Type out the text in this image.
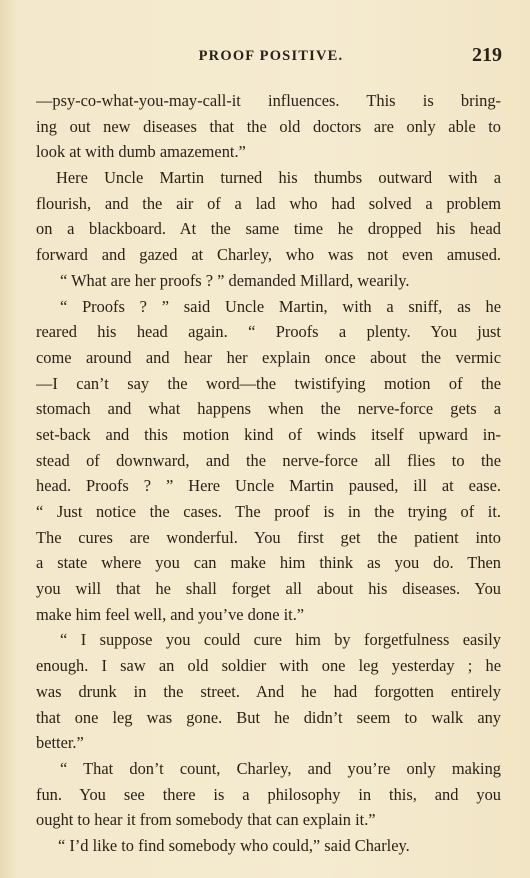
PROOF POSITIVE.	219
—psy-co-what-you-may-call-it influences. This is bring-
ing out new diseases that the old doctors are only able to
look at with dumb amazement.”
Here Uncle Martin turned his thumbs outward with a
flourish, and the air of a lad who had solved a problem
on a blackboard. At the same time he dropped his head
forward and gazed at Charley, who was not even amused.
“ What are her proofs ? ” demanded Millard, wearily.
“ Proofs ? ” said Uncle Martin, with a sniff, as he
reared his head again. “ Proofs a plenty. You just
come around and hear her explain once about the vermic
—I can’t say the word—the twistifying motion of the
stomach and what happens when the nerve-force gets a
set-back and this motion kind of winds itself upward in-
stead of downward, and the nerve-force all flies to the
head. Proofs ? ” Here Uncle Martin paused, ill at ease.
“ Just notice the cases. The proof is in the trying of it.
The cures are wonderful. You first get the patient into
a state where you can make him think as you do. Then
you will that he shall forget all about his diseases. You
make him feel well, and you’ve done it.”
“ I suppose you could cure him by forgetfulness easily
enough. I saw an old soldier with one leg yesterday ; he
was drunk in the street. And he had forgotten entirely
that one leg was gone. But he didn’t seem to walk any
better.”
“ That don’t count, Charley, and you’re only making
fun. You see there is a philosophy in this, and you
ought to hear it from somebody that can explain it.”
“ I’d like to find somebody who could,” said Charley.
